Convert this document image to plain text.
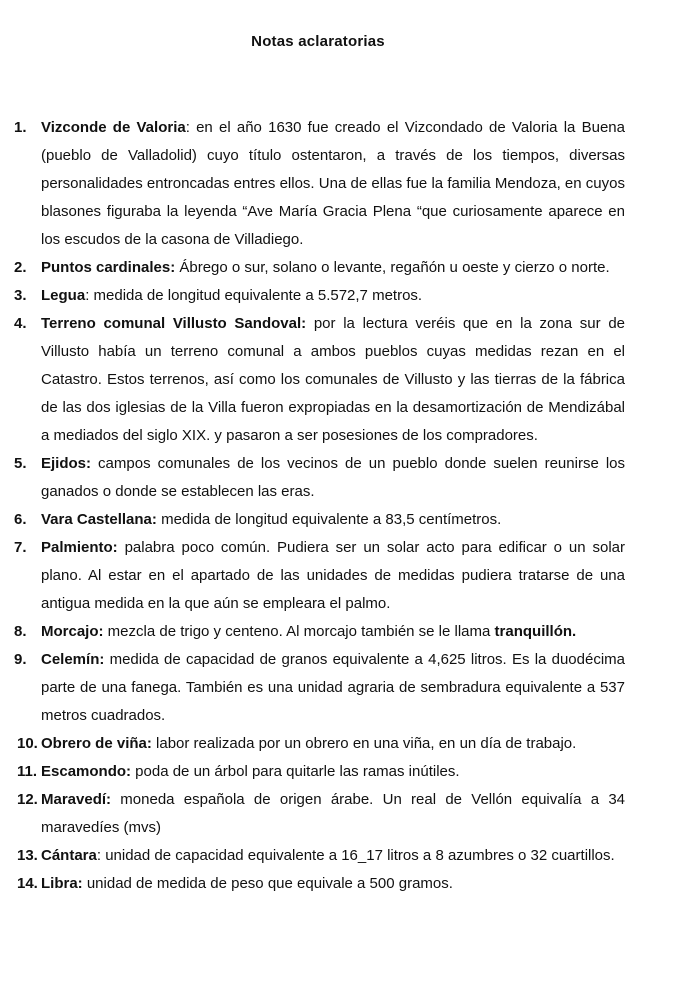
Notas aclaratorias
1. Vizconde de Valoria: en el año 1630 fue creado el Vizcondado de Valoria la Buena (pueblo de Valladolid) cuyo título ostentaron, a través de los tiempos, diversas personalidades entroncadas entres ellos. Una de ellas fue la familia Mendoza, en cuyos blasones figuraba la leyenda “Ave María Gracia Plena “que curiosamente aparece en los escudos de la casona de Villadiego.
2. Puntos cardinales: Ábrego o sur, solano o levante, regañón u oeste y cierzo o norte.
3. Legua: medida de longitud equivalente a 5.572,7 metros.
4. Terreno comunal Villusto Sandoval: por la lectura veréis que en la zona sur de Villusto había un terreno comunal a ambos pueblos cuyas medidas rezan en el Catastro. Estos terrenos, así como los comunales de Villusto y las tierras de la fábrica de las dos iglesias de la Villa fueron expropiadas en la desamortización de Mendizábal a mediados del siglo XIX. y pasaron a ser posesiones de los compradores.
5. Ejidos: campos comunales de los vecinos de un pueblo donde suelen reunirse los ganados o donde se establecen las eras.
6. Vara Castellana: medida de longitud equivalente a 83,5 centímetros.
7. Palmiento: palabra poco común. Pudiera ser un solar acto para edificar o un solar plano. Al estar en el apartado de las unidades de medidas pudiera tratarse de una antigua medida en la que aún se empleara el palmo.
8. Morcajo: mezcla de trigo y centeno. Al morcajo también se le llama tranquillón.
9. Celemín: medida de capacidad de granos equivalente a 4,625 litros. Es la duodécima parte de una fanega. También es una unidad agraria de sembradura equivalente a 537 metros cuadrados.
10. Obrero de viña: labor realizada por un obrero en una viña, en un día de trabajo.
11. Escamondo: poda de un árbol para quitarle las ramas inútiles.
12. Maravedí: moneda española de origen árabe. Un real de Vellón equivalía a 34 maravedíes (mvs)
13. Cántara: unidad de capacidad equivalente a 16_17 litros a 8 azumbres o 32 cuartillos.
14. Libra: unidad de medida de peso que equivale a 500 gramos.
